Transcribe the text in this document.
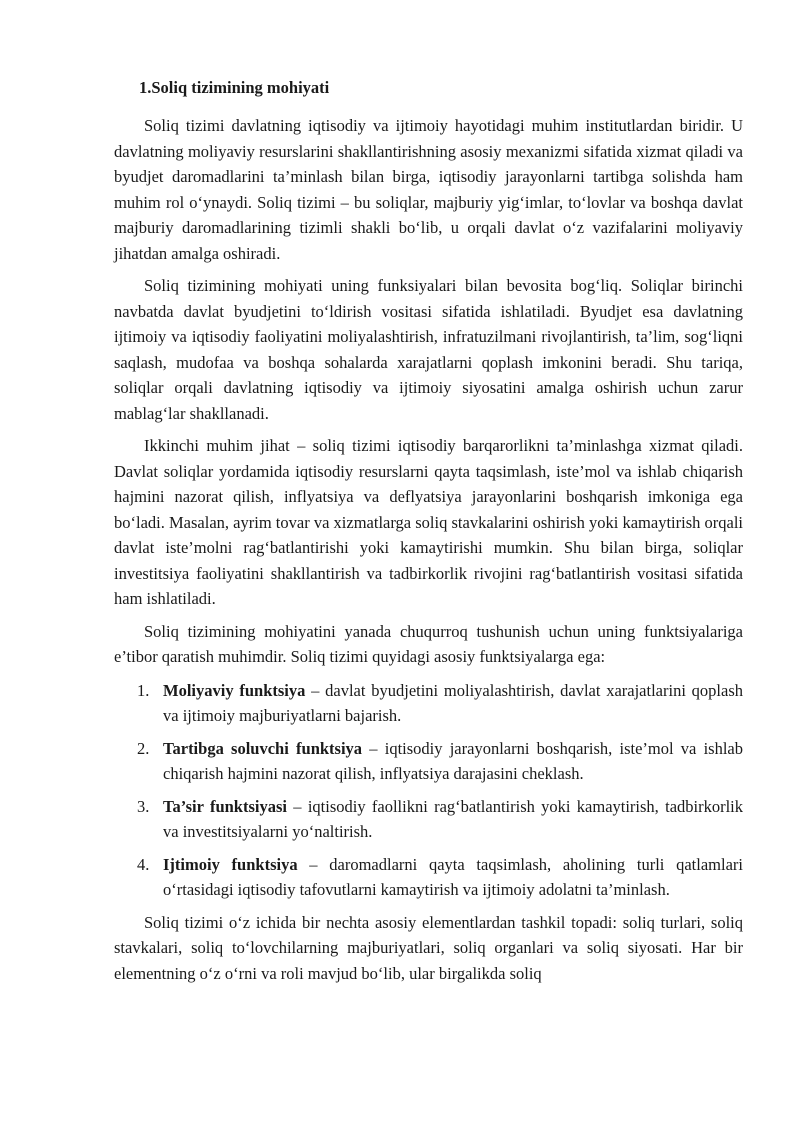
1.Soliq tizimining mohiyati

Soliq tizimi davlatning iqtisodiy va ijtimoiy hayotidagi muhim institutlardan biridir. U davlatning moliyaviy resurslarini shakllantirishning asosiy mexanizmi sifatida xizmat qiladi va byudjet daromadlarini ta’minlash bilan birga, iqtisodiy jarayonlarni tartibga solishda ham muhim rol o‘ynaydi. Soliq tizimi – bu soliqlar, majburiy yig‘imlar, to‘lovlar va boshqa davlat majburiy daromadlarining tizimli shakli bo‘lib, u orqali davlat o‘z vazifalarini moliyaviy jihatdan amalga oshiradi.

Soliq tizimining mohiyati uning funksiyalari bilan bevosita bog‘liq. Soliqlar birinchi navbatda davlat byudjetini to‘ldirish vositasi sifatida ishlatiladi. Byudjet esa davlatning ijtimoiy va iqtisodiy faoliyatini moliyalashtirish, infratuzilmani rivojlantirish, ta’lim, sog‘liqni saqlash, mudofaa va boshqa sohalarda xarajatlarni qoplash imkonini beradi. Shu tariqa, soliqlar orqali davlatning iqtisodiy va ijtimoiy siyosatini amalga oshirish uchun zarur mablag‘lar shakllanadi.

Ikkinchi muhim jihat – soliq tizimi iqtisodiy barqarorlikni ta’minlashga xizmat qiladi. Davlat soliqlar yordamida iqtisodiy resurslarni qayta taqsimlash, iste’mol va ishlab chiqarish hajmini nazorat qilish, inflyatsiya va deflyatsiya jarayonlarini boshqarish imkoniga ega bo‘ladi. Masalan, ayrim tovar va xizmatlarga soliq stavkalarini oshirish yoki kamaytirish orqali davlat iste’molni rag‘batlantirishi yoki kamaytirishi mumkin. Shu bilan birga, soliqlar investitsiya faoliyatini shakllantirish va tadbirkorlik rivojini rag‘batlantirish vositasi sifatida ham ishlatiladi.

Soliq tizimining mohiyatini yanada chuqurroq tushunish uchun uning funktsiyalariga e’tibor qaratish muhimdir. Soliq tizimi quyidagi asosiy funktsiyalarga ega:

1. Moliyaviy funktsiya – davlat byudjetini moliyalashtirish, davlat xarajatlarini qoplash va ijtimoiy majburiyatlarni bajarish.
2. Tartibga soluvchi funktsiya – iqtisodiy jarayonlarni boshqarish, iste’mol va ishlab chiqarish hajmini nazorat qilish, inflyatsiya darajasini cheklash.
3. Ta’sir funktsiyasi – iqtisodiy faollikni rag‘batlantirish yoki kamaytirish, tadbirkorlik va investitsiyalarni yo‘naltirish.
4. Ijtimoiy funktsiya – daromadlarni qayta taqsimlash, aholining turli qatlamlari o‘rtasidagi iqtisodiy tafovutlarni kamaytirish va ijtimoiy adolatni ta’minlash.

Soliq tizimi o‘z ichida bir nechta asosiy elementlardan tashkil topadi: soliq turlari, soliq stavkalari, soliq to‘lovchilarning majburiyatlari, soliq organlari va soliq siyosati. Har bir elementning o‘z o‘rni va roli mavjud bo‘lib, ular birgalikda soliq
